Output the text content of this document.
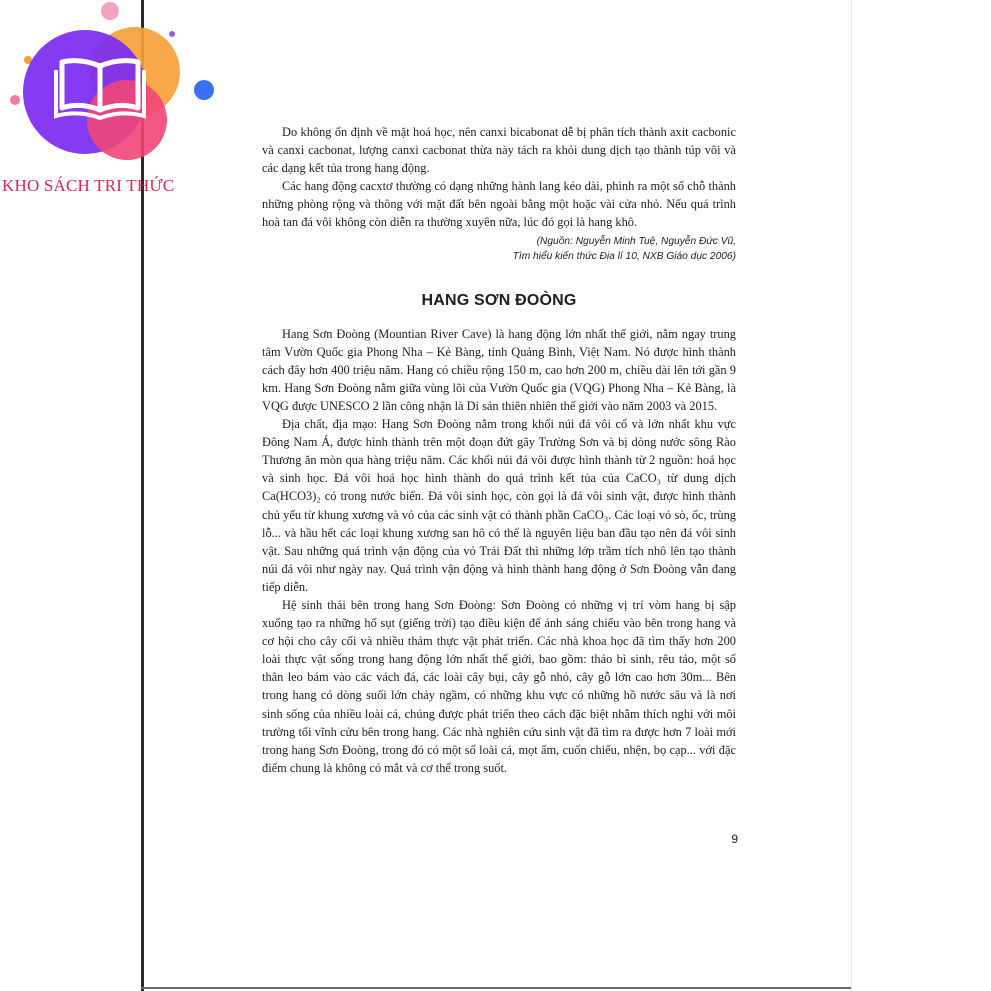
KHO SÁCH TRI THỨC

Do không ổn định về mặt hoá học, nên canxi bicabonat dễ bị phân tích thành axit cacbonic và canxi cacbonat, lượng canxi cacbonat thừa này tách ra khỏi dung dịch tạo thành túp vôi và các dạng kết tủa trong hang động.

Các hang động cacxtơ thường có dạng những hành lang kéo dài, phình ra một số chỗ thành những phòng rộng và thông với mặt đất bên ngoài bằng một hoặc vài cửa nhỏ. Nếu quá trình hoà tan đá vôi không còn diễn ra thường xuyên nữa, lúc đó gọi là hang khô.

(Nguồn: Nguyễn Minh Tuệ, Nguyễn Đức Vũ,
Tìm hiểu kiến thức Địa lí 10, NXB Giáo dục 2006)
HANG SƠN ĐOÒNG

Hang Sơn Đoòng (Mountian River Cave) là hang động lớn nhất thế giới, nằm ngay trung tâm Vườn Quốc gia Phong Nha – Kẻ Bàng, tỉnh Quảng Bình, Việt Nam. Nó được hình thành cách đây hơn 400 triệu năm. Hang có chiều rộng 150 m, cao hơn 200 m, chiều dài lên tới gần 9 km. Hang Sơn Đoòng nằm giữa vùng lõi của Vườn Quốc gia (VQG) Phong Nha – Kẻ Bàng, là VQG được UNESCO 2 lần công nhận là Di sản thiên nhiên thế giới vào năm 2003 và 2015.

Địa chất, địa mạo: Hang Sơn Đoòng nằm trong khối núi đá vôi cổ và lớn nhất khu vực Đông Nam Á, được hình thành trên một đoạn đứt gãy Trường Sơn và bị dòng nước sông Rào Thương ăn mòn qua hàng triệu năm. Các khối núi đá vôi được hình thành từ 2 nguồn: hoá học và sinh học. Đá vôi hoá học hình thành do quá trình kết tủa của CaCO₃ từ dung dịch Ca(HCO3)₂ có trong nước biển. Đá vôi sinh học, còn gọi là đá vôi sinh vật, được hình thành chủ yếu từ khung xương và vỏ của các sinh vật có thành phần CaCO₃. Các loại vỏ sò, ốc, trùng lỗ... và hầu hết các loại khung xương san hô có thể là nguyên liệu ban đầu tạo nên đá vôi sinh vật. Sau những quá trình vận động của vỏ Trái Đất thì những lớp trầm tích nhô lên tạo thành núi đá vôi như ngày nay. Quá trình vận động và hình thành hang động ở Sơn Đoòng vẫn đang tiếp diễn.

Hệ sinh thái bên trong hang Sơn Đoòng: Sơn Đoòng có những vị trí vòm hang bị sập xuống tạo ra những hố sụt (giếng trời) tạo điều kiện để ánh sáng chiếu vào bên trong hang và cơ hội cho cây cối và nhiều thảm thực vật phát triển. Các nhà khoa học đã tìm thấy hơn 200 loài thực vật sống trong hang động lớn nhất thế giới, bao gồm: thảo bì sinh, rêu tảo, một số thân leo bám vào các vách đá, các loài cây bụi, cây gỗ nhỏ, cây gỗ lớn cao hơn 30m... Bên trong hang có dòng suối lớn chảy ngầm, có những khu vực có những hồ nước sâu và là nơi sinh sống của nhiều loài cá, chúng được phát triển theo cách đặc biệt nhằm thích nghi với môi trường tối vĩnh cửu bên trong hang. Các nhà nghiên cứu sinh vật đã tìm ra được hơn 7 loài mới trong hang Sơn Đoòng, trong đó có một số loài cá, mọt ẩm, cuốn chiếu, nhện, bọ cạp... với đặc điểm chung là không có mắt và cơ thể trong suốt.

9
